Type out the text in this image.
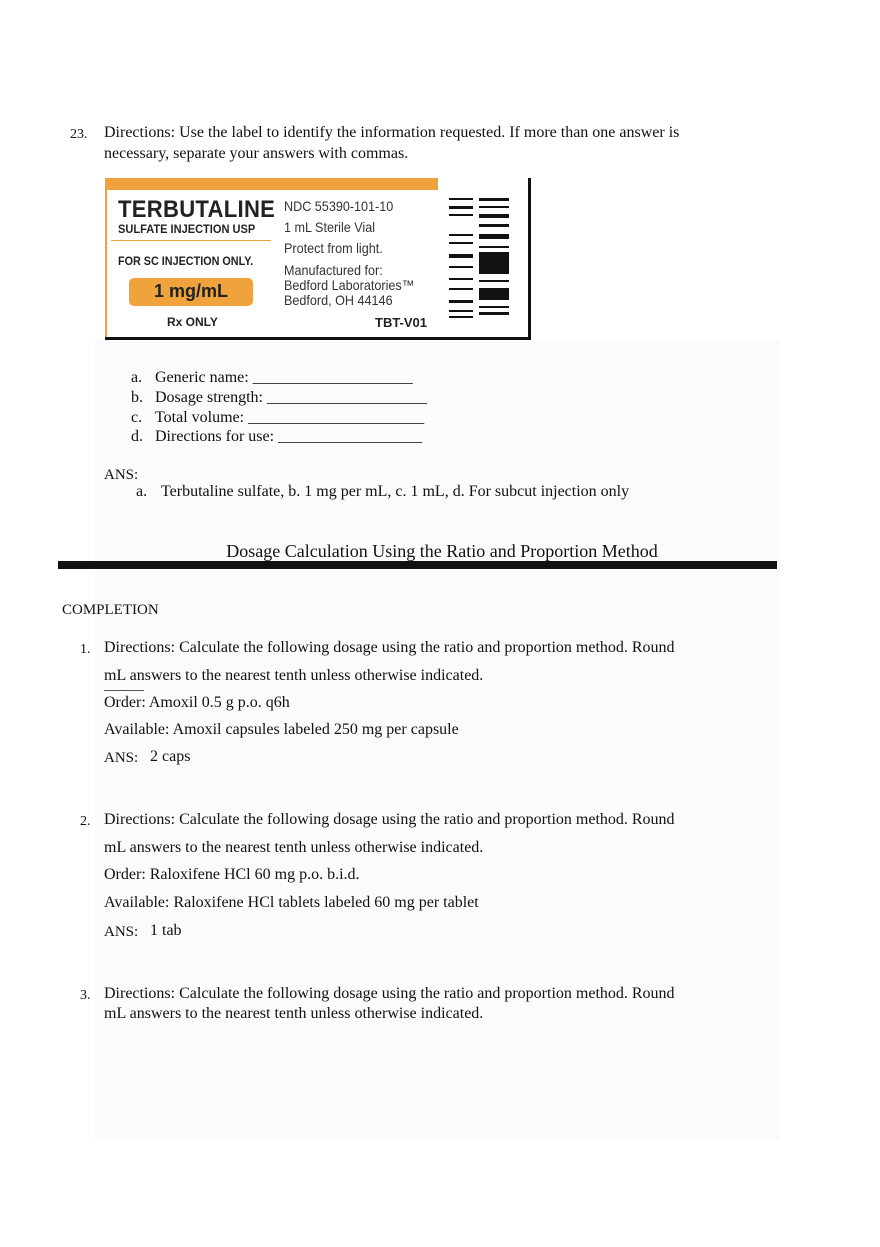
23. Directions: Use the label to identify the information requested. If more than one answer is
necessary, separate your answers with commas.
TERBUTALINE
SULFATE INJECTION USP
FOR SC INJECTION ONLY.
1 mg/mL
Rx ONLY
NDC 55390-101-10
1 mL Sterile Vial
Protect from light.
Manufactured for:
Bedford Laboratories™
Bedford, OH 44146
TBT-V01
a. Generic name: ____________________
b. Dosage strength: ____________________
c. Total volume: ______________________
d. Directions for use: __________________
ANS:
a. Terbutaline sulfate, b. 1 mg per mL, c. 1 mL, d. For subcut injection only
Dosage Calculation Using the Ratio and Proportion Method
COMPLETION
1. Directions: Calculate the following dosage using the ratio and proportion method. Round
mL answers to the nearest tenth unless otherwise indicated.
Order: Amoxil 0.5 g p.o. q6h
Available: Amoxil capsules labeled 250 mg per capsule
ANS: 2 caps
2. Directions: Calculate the following dosage using the ratio and proportion method. Round
mL answers to the nearest tenth unless otherwise indicated.
Order: Raloxifene HCl 60 mg p.o. b.i.d.
Available: Raloxifene HCl tablets labeled 60 mg per tablet
ANS: 1 tab
3. Directions: Calculate the following dosage using the ratio and proportion method. Round
mL answers to the nearest tenth unless otherwise indicated.
